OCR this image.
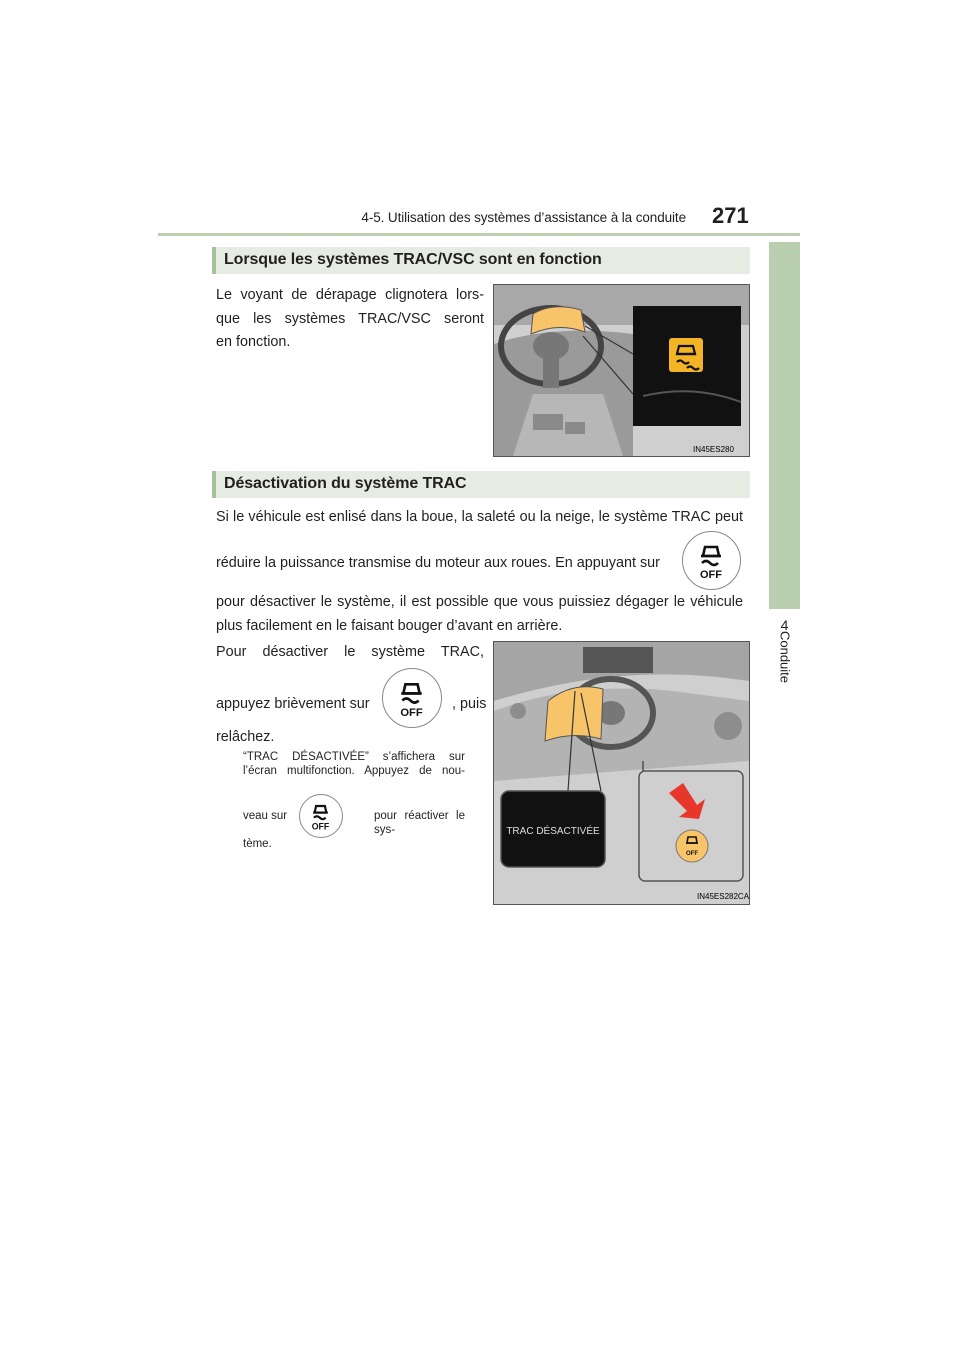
4-5. Utilisation des systèmes d’assistance à la conduite 271
4
Conduite
Lorsque les systèmes TRAC/VSC sont en fonction
Le voyant de dérapage clignotera lors-
que les systèmes TRAC/VSC seront
en fonction.
IN45ES280
Désactivation du système TRAC
Si le véhicule est enlisé dans la boue, la saleté ou la neige, le système TRAC peut
réduire la puissance transmise du moteur aux roues. En appuyant sur
OFF
pour désactiver le système, il est possible que vous puissiez dégager le véhicule
plus facilement en le faisant bouger d’avant en arrière.
Pour désactiver le système TRAC,
appuyez brièvement sur
OFF
, puis
relâchez.
“TRAC DÉSACTIVÉE” s’affichera sur
l’écran multifonction. Appuyez de nou-
veau sur
OFF
pour réactiver le sys-
tème.
TRAC DÉSACTIVÉE
OFF
IN45ES282CA
